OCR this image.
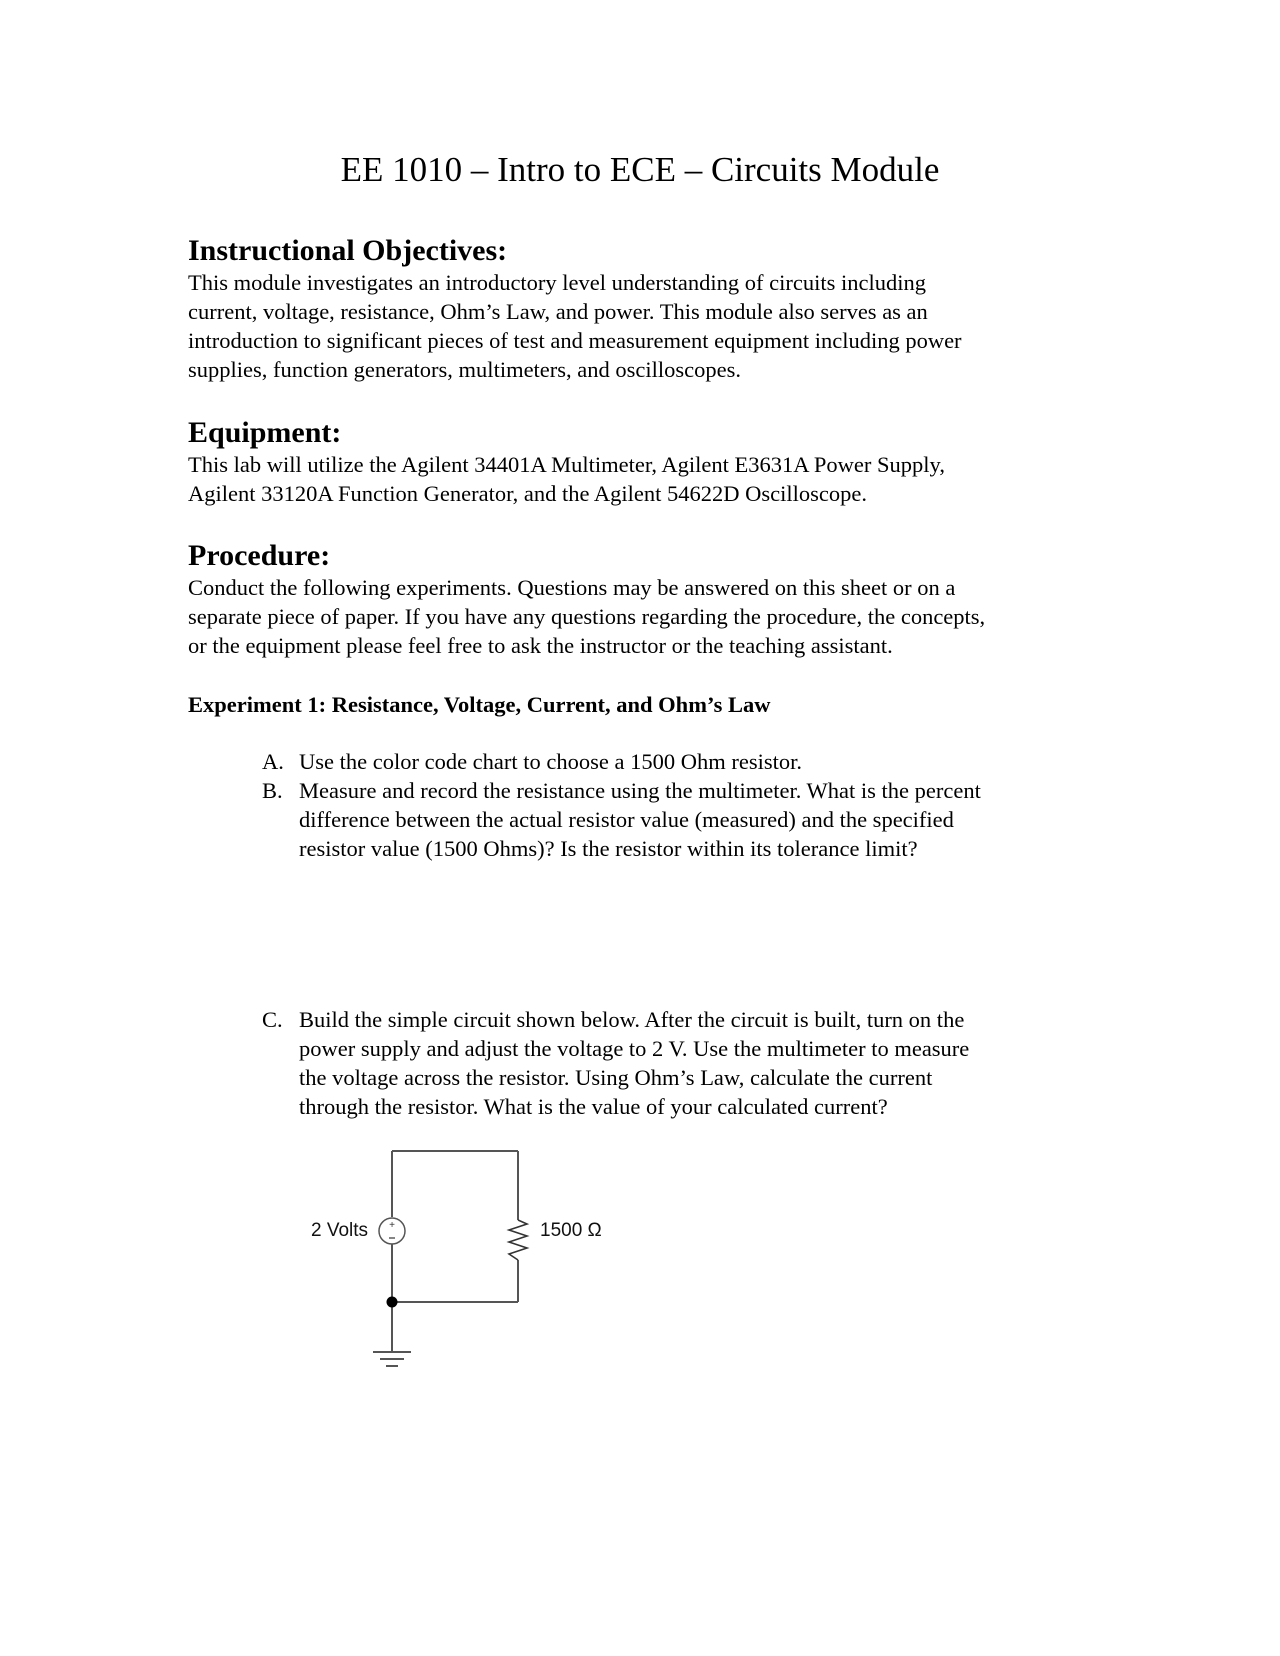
EE 1010 – Intro to ECE – Circuits Module
Instructional Objectives:
This module investigates an introductory level understanding of circuits including
current, voltage, resistance, Ohm’s Law, and power. This module also serves as an
introduction to significant pieces of test and measurement equipment including power
supplies, function generators, multimeters, and oscilloscopes.
Equipment:
This lab will utilize the Agilent 34401A Multimeter, Agilent E3631A Power Supply,
Agilent 33120A Function Generator, and the Agilent 54622D Oscilloscope.
Procedure:
Conduct the following experiments. Questions may be answered on this sheet or on a
separate piece of paper. If you have any questions regarding the procedure, the concepts,
or the equipment please feel free to ask the instructor or the teaching assistant.
Experiment 1: Resistance, Voltage, Current, and Ohm’s Law
A. Use the color code chart to choose a 1500 Ohm resistor.
B. Measure and record the resistance using the multimeter. What is the percent
difference between the actual resistor value (measured) and the specified
resistor value (1500 Ohms)? Is the resistor within its tolerance limit?
C. Build the simple circuit shown below. After the circuit is built, turn on the
power supply and adjust the voltage to 2 V. Use the multimeter to measure
the voltage across the resistor. Using Ohm’s Law, calculate the current
through the resistor. What is the value of your calculated current?
+
2 Volts	1500 Ω
